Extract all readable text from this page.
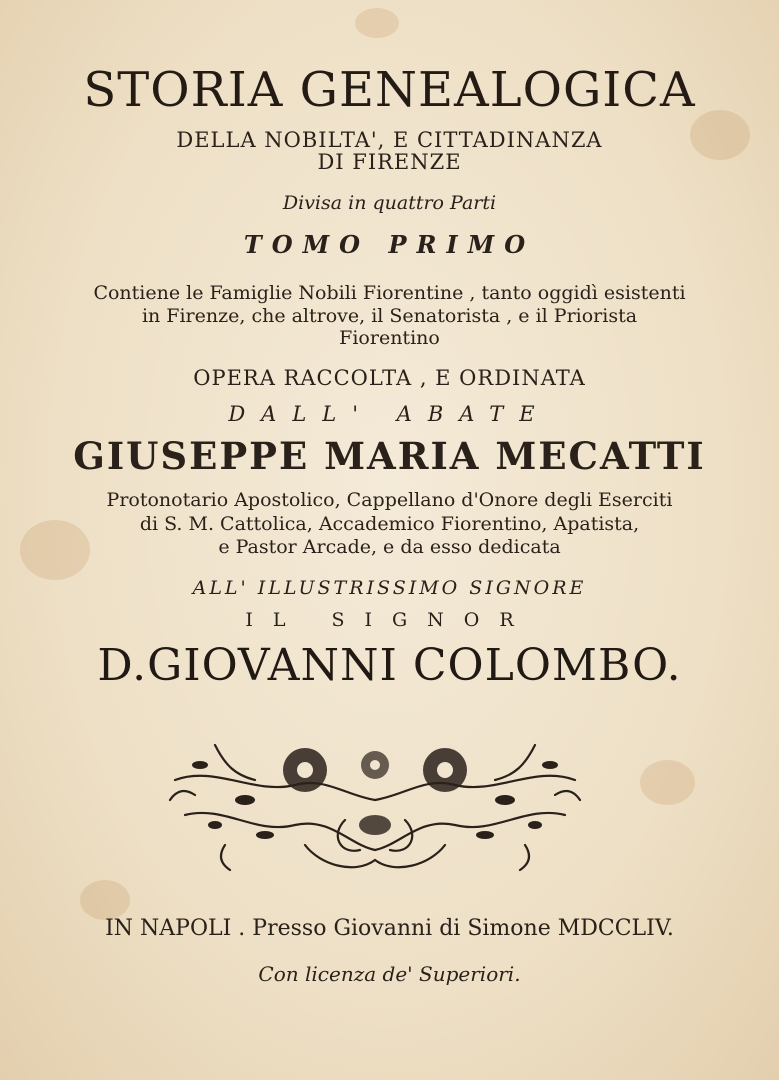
STORIA GENEALOGICA
DELLA NOBILTA', E CITTADINANZA
DI FIRENZE
Divisa in quattro Parti
TOMO PRIMO
Contiene le Famiglie Nobili Fiorentine , tanto oggidì esistenti
in Firenze, che altrove, il Senatorista , e il Priorista
Fiorentino
OPERA RACCOLTA , E ORDINATA
DALL' ABATE
GIUSEPPE MARIA MECATTI
Protonotario Apostolico, Cappellano d'Onore degli Eserciti
di S. M. Cattolica, Accademico Fiorentino, Apatista,
e Pastor Arcade, e da esso dedicata
ALL' ILLUSTRISSIMO SIGNORE
IL SIGNOR
D.GIOVANNI COLOMBO.
IN NAPOLI . Presso Giovanni di Simone MDCCLIV.
Con licenza de' Superiori.
